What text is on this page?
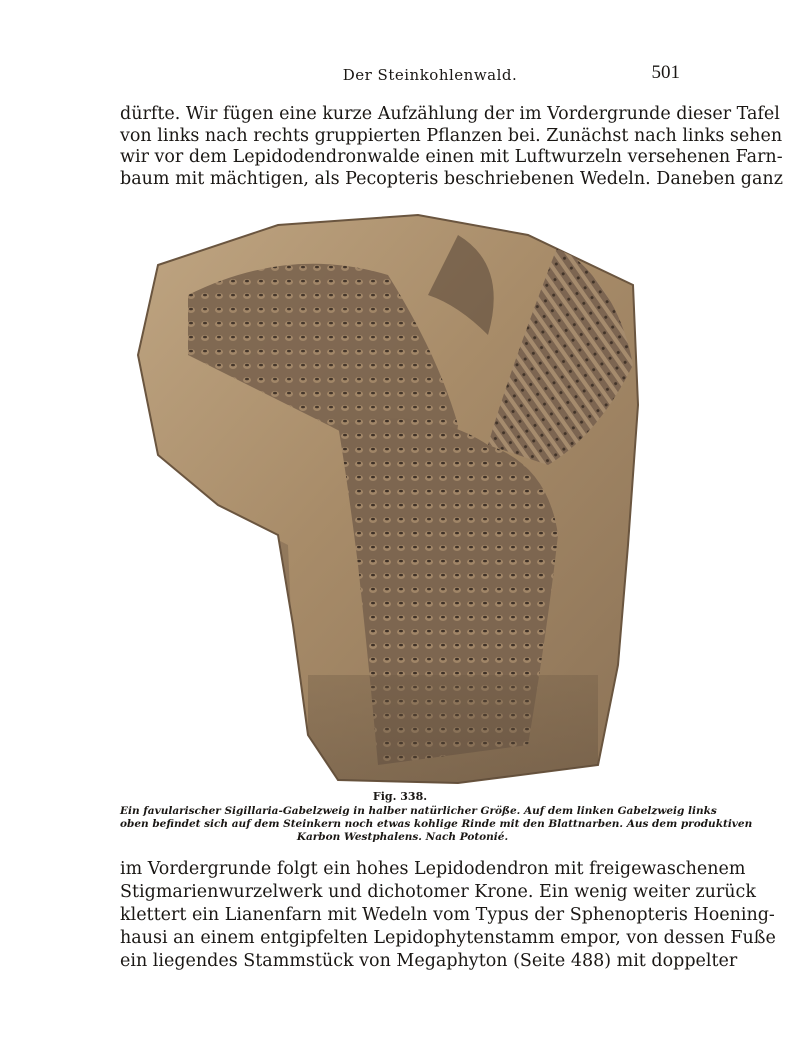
Der Steinkohlenwald.	501
dürfte. Wir fügen eine kurze Aufzählung der im Vordergrunde dieser Tafel
von links nach rechts gruppierten Pflanzen bei. Zunächst nach links sehen
wir vor dem Lepidodendronwalde einen mit Luftwurzeln versehenen Farn-
baum mit mächtigen, als Pecopteris beschriebenen Wedeln. Daneben ganz
Fig. 338.
Ein favularischer Sigillaria-Gabelzweig in halber natürlicher Größe. Auf dem linken Gabelzweig links
oben befindet sich auf dem Steinkern noch etwas kohlige Rinde mit den Blattnarben. Aus dem produktiven
Karbon Westphalens. Nach Potonié.
im Vordergrunde folgt ein hohes Lepidodendron mit freigewaschenem
Stigmarienwurzelwerk und dichotomer Krone. Ein wenig weiter zurück
klettert ein Lianenfarn mit Wedeln vom Typus der Sphenopteris Hoening-
hausi an einem entgipfelten Lepidophytenstamm empor, von dessen Fuße
ein liegendes Stammstück von Megaphyton (Seite 488) mit doppelter
